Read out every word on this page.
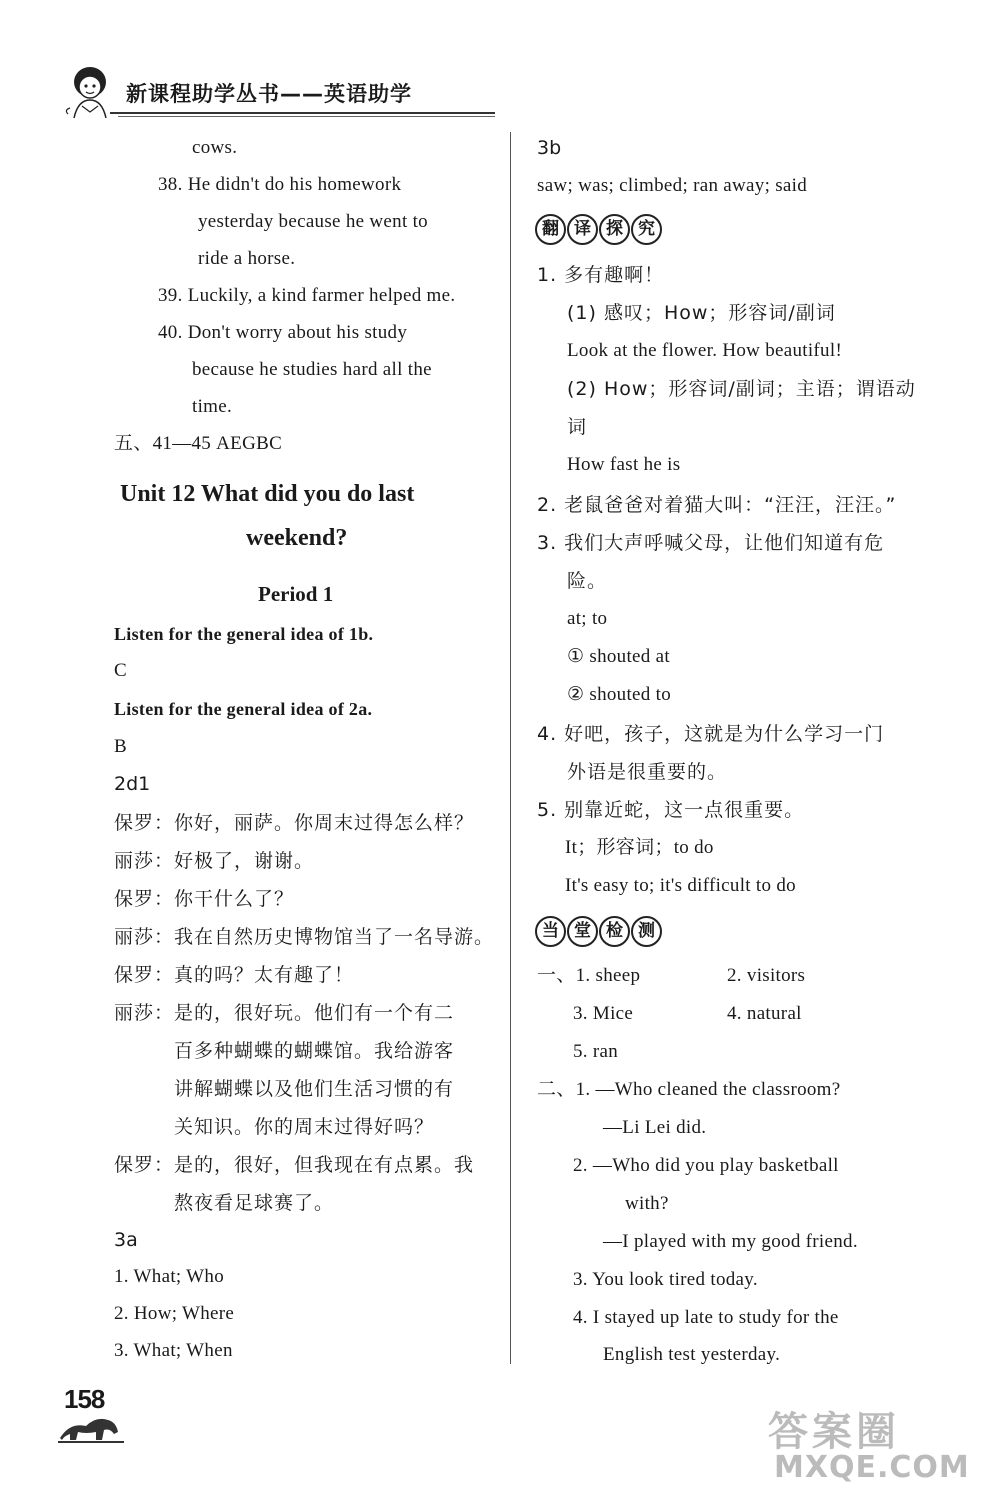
新课程助学丛书——英语助学
cows.
38. He didn't do his homework
yesterday because he went to
ride a horse.
39. Luckily, a kind farmer helped me.
40. Don't worry about his study
because he studies hard all the
time.
五、41—45 AEGBC
Unit 12 What did you do last
weekend?
Period 1
Listen for the general idea of 1b.
C
Listen for the general idea of 2a.
B
2d1
保罗：你好，丽萨。你周末过得怎么样？
丽莎：好极了，谢谢。
保罗：你干什么了？
丽莎：我在自然历史博物馆当了一名导游。
保罗：真的吗？太有趣了！
丽莎：是的，很好玩。他们有一个有二
百多种蝴蝶的蝴蝶馆。我给游客
讲解蝴蝶以及他们生活习惯的有
关知识。你的周末过得好吗？
保罗：是的，很好，但我现在有点累。我
熬夜看足球赛了。
3a
1. What; Who
2. How; Where
3. What; When
3b
saw; was; climbed; ran away; said
翻 译 探 究
1. 多有趣啊！
(1) 感叹；How；形容词/副词
Look at the flower. How beautiful!
(2) How；形容词/副词；主语；谓语动
词
How fast he is
2. 老鼠爸爸对着猫大叫：“汪汪，汪汪。”
3. 我们大声呼喊父母，让他们知道有危
险。
at; to
① shouted at
② shouted to
4. 好吧，孩子，这就是为什么学习一门
外语是很重要的。
5. 别靠近蛇，这一点很重要。
It；形容词；to do
It's easy to; it's difficult to do
当 堂 检 测
一、1. sheep	2. visitors
3. Mice	4. natural
5. ran
二、1. —Who cleaned the classroom?
—Li Lei did.
2. —Who did you play basketball
with?
—I played with my good friend.
3. You look tired today.
4. I stayed up late to study for the
English test yesterday.
158
答案圈
MXQE.COM
